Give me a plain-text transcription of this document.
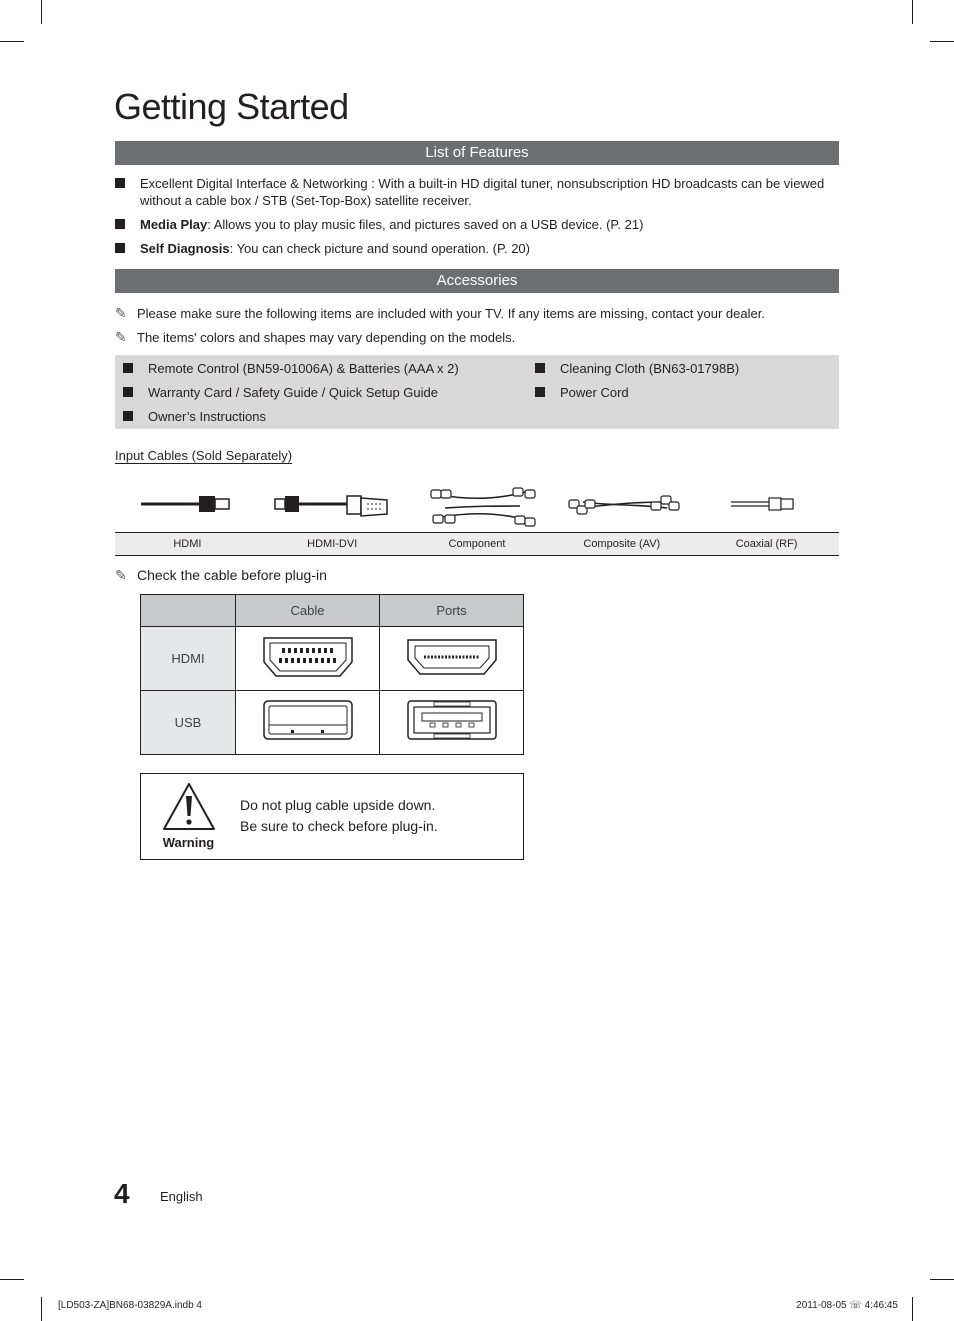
Getting Started
List of Features
Excellent Digital Interface & Networking : With a built-in HD digital tuner, nonsubscription HD broadcasts can be viewed without a cable box / STB (Set-Top-Box) satellite receiver.
Media Play: Allows you to play music files, and pictures saved on a USB device. (P. 21)
Self Diagnosis: You can check picture and sound operation. (P. 20)
Accessories
✎ Please make sure the following items are included with your TV. If any items are missing, contact your dealer.
✎ The items' colors and shapes may vary depending on the models.
Remote Control (BN59-01006A) & Batteries (AAA x 2)
Warranty Card / Safety Guide / Quick Setup Guide
Owner’s Instructions
Cleaning Cloth (BN63-01798B)
Power Cord
Input Cables (Sold Separately)
HDMI	HDMI-DVI	Component	Composite (AV)	Coaxial (RF)
✎ Check the cable before plug-in
	Cable	Ports
HDMI		
USB		
Warning
Do not plug cable upside down.
Be sure to check before plug-in.
4 English
[LD503-ZA]BN68-03829A.indb 4	2011-08-05 ☏ 4:46:45
